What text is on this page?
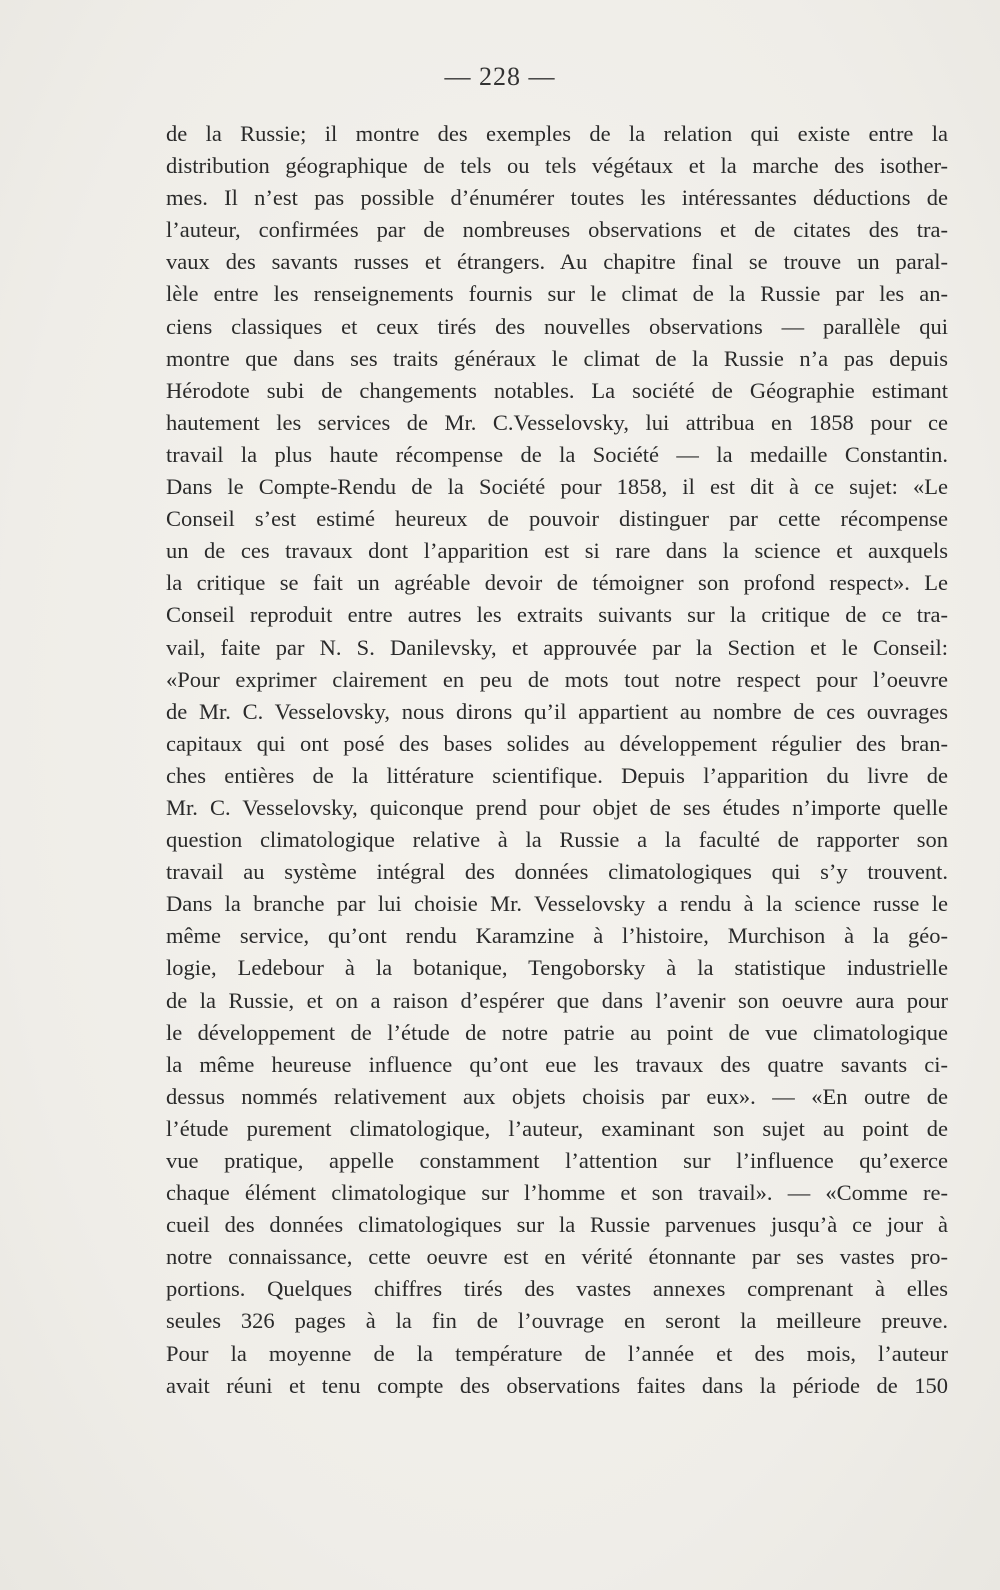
— 228 —
de la Russie; il montre des exemples de la relation qui existe entre la
distribution géographique de tels ou tels végétaux et la marche des isother-
mes. Il n’est pas possible d’énumérer toutes les intéressantes déductions de
l’auteur, confirmées par de nombreuses observations et de citates des tra-
vaux des savants russes et étrangers. Au chapitre final se trouve un paral-
lèle entre les renseignements fournis sur le climat de la Russie par les an-
ciens classiques et ceux tirés des nouvelles observations — parallèle qui
montre que dans ses traits généraux le climat de la Russie n’a pas depuis
Hérodote subi de changements notables. La société de Géographie estimant
hautement les services de Mr. C.Vesselovsky, lui attribua en 1858 pour ce
travail la plus haute récompense de la Société — la medaille Constantin.
Dans le Compte-Rendu de la Société pour 1858, il est dit à ce sujet: «Le
Conseil s’est estimé heureux de pouvoir distinguer par cette récompense
un de ces travaux dont l’apparition est si rare dans la science et auxquels
la critique se fait un agréable devoir de témoigner son profond respect». Le
Conseil reproduit entre autres les extraits suivants sur la critique de ce tra-
vail, faite par N. S. Danilevsky, et approuvée par la Section et le Conseil:
«Pour exprimer clairement en peu de mots tout notre respect pour l’oeuvre
de Mr. C. Vesselovsky, nous dirons qu’il appartient au nombre de ces ouvrages
capitaux qui ont posé des bases solides au développement régulier des bran-
ches entières de la littérature scientifique. Depuis l’apparition du livre de
Mr. C. Vesselovsky, quiconque prend pour objet de ses études n’importe quelle
question climatologique relative à la Russie a la faculté de rapporter son
travail au système intégral des données climatologiques qui s’y trouvent.
Dans la branche par lui choisie Mr. Vesselovsky a rendu à la science russe le
même service, qu’ont rendu Karamzine à l’histoire, Murchison à la géo-
logie, Ledebour à la botanique, Tengoborsky à la statistique industrielle
de la Russie, et on a raison d’espérer que dans l’avenir son oeuvre aura pour
le développement de l’étude de notre patrie au point de vue climatologique
la même heureuse influence qu’ont eue les travaux des quatre savants ci-
dessus nommés relativement aux objets choisis par eux». — «En outre de
l’étude purement climatologique, l’auteur, examinant son sujet au point de
vue pratique, appelle constamment l’attention sur l’influence qu’exerce
chaque élément climatologique sur l’homme et son travail». — «Comme re-
cueil des données climatologiques sur la Russie parvenues jusqu’à ce jour à
notre connaissance, cette oeuvre est en vérité étonnante par ses vastes pro-
portions. Quelques chiffres tirés des vastes annexes comprenant à elles
seules 326 pages à la fin de l’ouvrage en seront la meilleure preuve.
Pour la moyenne de la température de l’année et des mois, l’auteur
avait réuni et tenu compte des observations faites dans la période de 150
